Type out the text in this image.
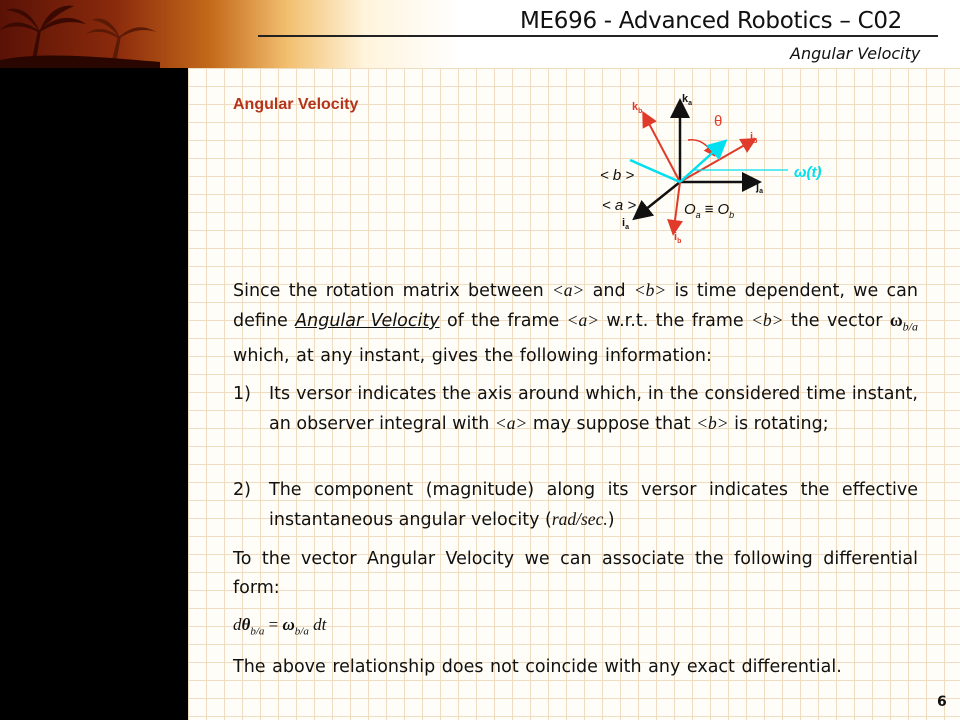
ME696 - Advanced Robotics – C02
Angular Velocity
Angular Velocity	$k_a$
$k_b$
$j_b$
$j_a$
$i_a$
$i_b$
θ
ω(t)
< b >
< a >	$O_a \equiv O_b$
Since the rotation matrix between <a> and <b> is time dependent, we can define Angular Velocity of the frame <a> w.r.t. the frame <b> the vector $\omega_{b/a}$ which, at any instant, gives the following information:
1) Its versor indicates the axis around which, in the considered time instant, an observer integral with <a> may suppose that <b> is rotating;
2) The component (magnitude) along its versor indicates the effective instantaneous angular velocity (rad/sec.)
To the vector Angular Velocity we can associate the following differential form:
$d\theta_{b/a} = \omega_{b/a}$ dt
The above relationship does not coincide with any exact differential.
6
